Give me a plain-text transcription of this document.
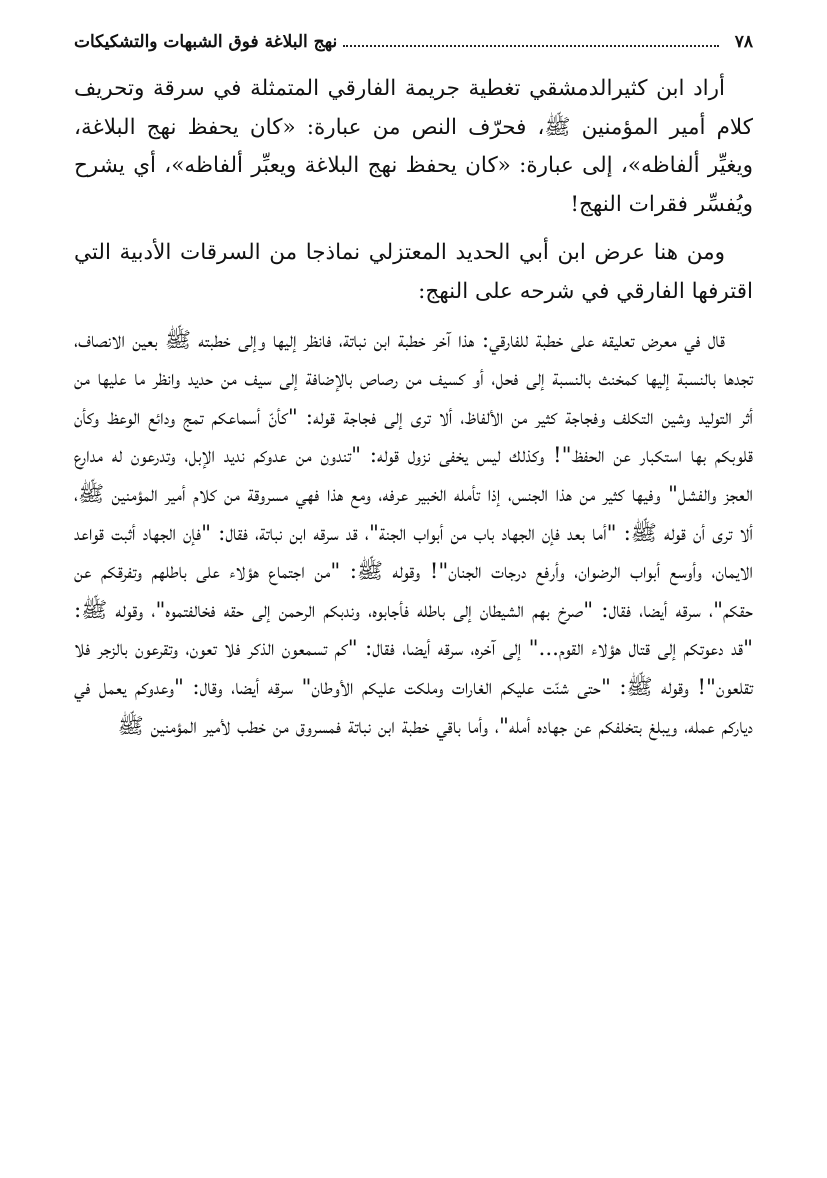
٧٨
نهج البلاغة فوق الشبهات والتشكيكات

أراد ابن كثيرالدمشقي تغطية جريمة الفارقي المتمثلة في سرقة وتحريف كلام أمير المؤمنين ﷺ، فحرّف النص من عبارة: «كان يحفظ نهج البلاغة، ويغيِّر ألفاظه»، إلى عبارة: «كان يحفظ نهج البلاغة ويعبِّر ألفاظه»، أي يشرح ويُفسِّر فقرات النهج!

ومن هنا عرض ابن أبي الحديد المعتزلي نماذجا من السرقات الأدبية التي اقترفها الفارقي في شرحه على النهج:

قال في معرض تعليقه على خطبة للفارقي: هذا آخر خطبة ابن نباتة، فانظر إليها وإلى خطبته ﷺ بعين الانصاف، تجدها بالنسبة إليها كمخنث بالنسبة إلى فحل، أو كسيف من رصاص بالإضافة إلى سيف من حديد وانظر ما عليها من أثر التوليد وشين التكلف وفجاجة كثير من الألفاظ، ألا ترى إلى فجاجة قوله: "كأنّ أسماعكم تمج ودائع الوعظ وكأن قلوبكم بها استكبار عن الحفظ"! وكذلك ليس يخفى نزول قوله: "تندون من عدوكم نديد الإبل، وتدرعون له مدارع العجز والفشل" وفيها كثير من هذا الجنس، إذا تأمله الخبير عرفه، ومع هذا فهي مسروقة من كلام أمير المؤمنين ﷺ، ألا ترى أن قوله ﷺ: "أما بعد فإن الجهاد باب من أبواب الجنة"، قد سرقه ابن نباتة، فقال: "فإن الجهاد أثبت قواعد الايمان، وأوسع أبواب الرضوان، وأرفع درجات الجنان"! وقوله ﷺ: "من اجتماع هؤلاء على باطلهم وتفرقكم عن حقكم"، سرقه أيضا، فقال: "صرخ بهم الشيطان إلى باطله فأجابوه، وندبكم الرحمن إلى حقه فخالفتموه"، وقوله ﷺ: "قد دعوتكم إلى قتال هؤلاء القوم..." إلى آخره، سرقه أيضا، فقال: "كم تسمعون الذكر فلا تعون، وتقرعون بالزجر فلا تقلعون"! وقوله ﷺ: "حتى شنّت عليكم الغارات وملكت عليكم الأوطان" سرقه أيضا، وقال: "وعدوكم يعمل في دياركم عمله، ويبلغ بتخلفكم عن جهاده أمله"، وأما باقي خطبة ابن نباتة فمسروق من خطب لأمير المؤمنين ﷺ
